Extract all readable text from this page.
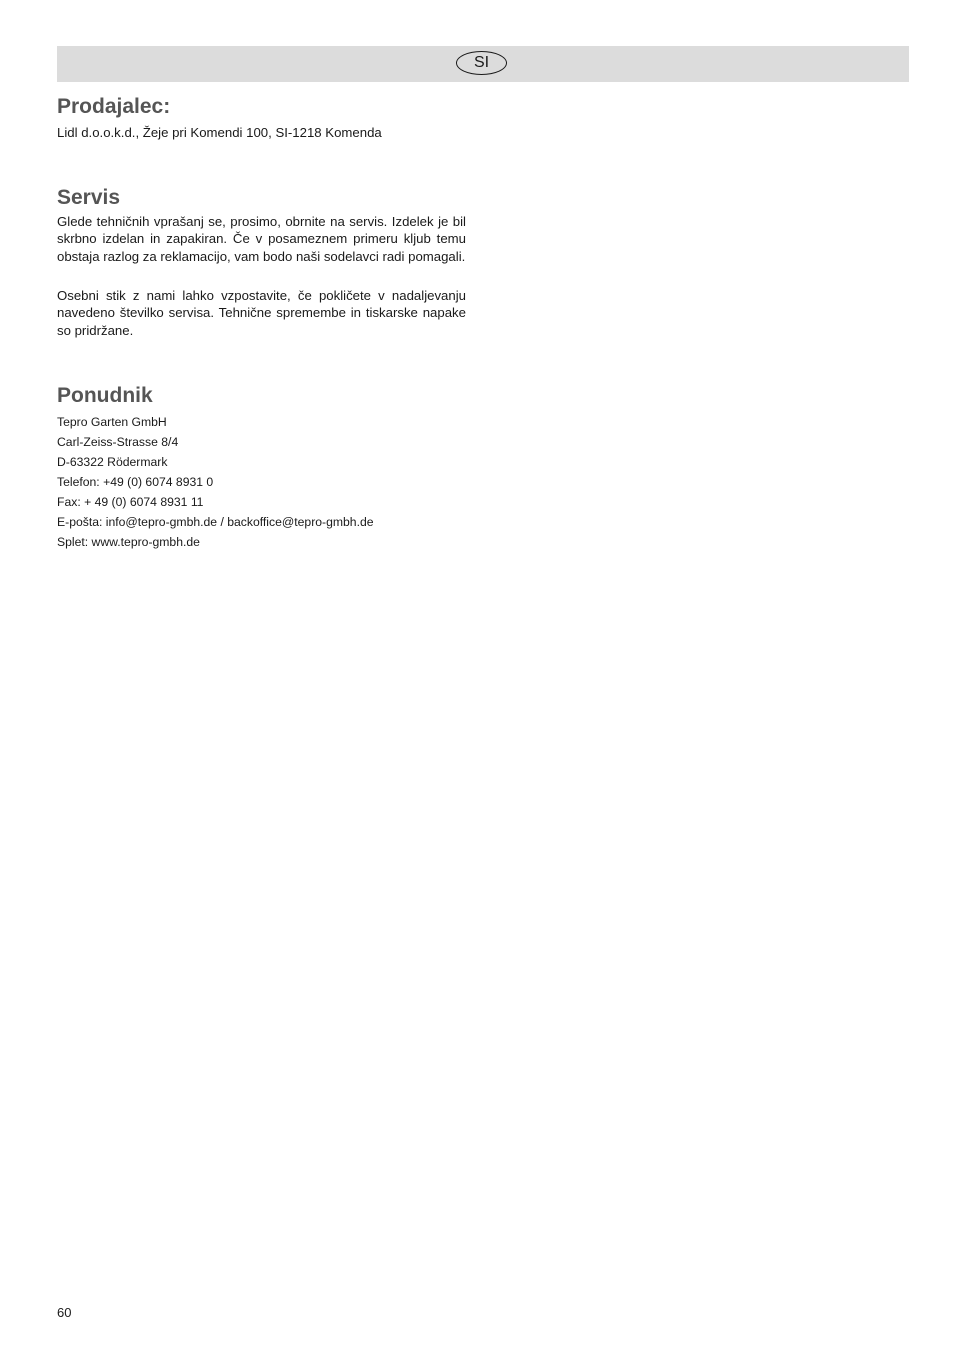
SI
Prodajalec:

Lidl d.o.o.k.d., Žeje pri Komendi 100, SI-1218 Komenda

Servis

Glede tehničnih vprašanj se, prosimo, obrnite na servis. Izdelek je bil skrbno izdelan in zapakiran. Če v posameznem primeru kljub temu obstaja razlog za reklamacijo, vam bodo naši sodelavci radi pomagali.

Osebni stik z nami lahko vzpostavite, če pokličete v nadaljevanju navedeno številko servisa. Tehnične spremembe in tiskarske napake so pridržane.

Ponudnik
Tepro Garten GmbH
Carl-Zeiss-Strasse 8/4
D-63322 Rödermark
Telefon: +49 (0) 6074 8931 0
Fax: + 49 (0) 6074 8931 11
E-pošta: info@tepro-gmbh.de / backoffice@tepro-gmbh.de
Splet: www.tepro-gmbh.de
60
